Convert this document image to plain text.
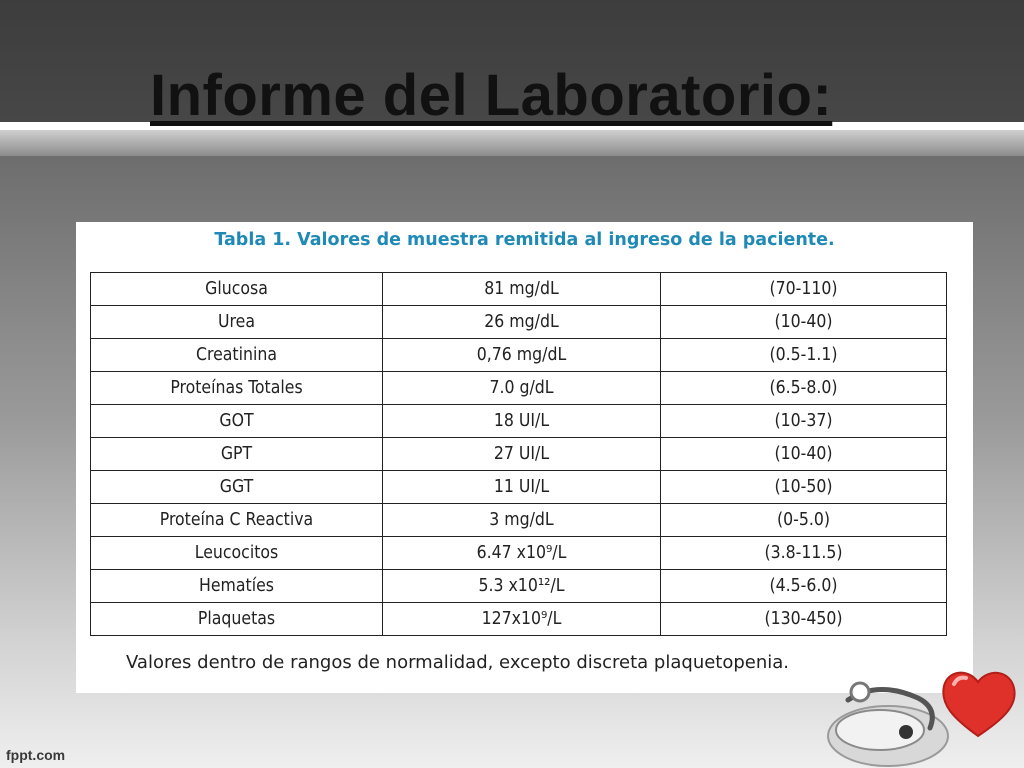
Informe del Laboratorio:
Tabla 1. Valores de muestra remitida al ingreso de la paciente.
Glucosa	81 mg/dL	(70-110)
Urea	26 mg/dL	(10-40)
Creatinina	0,76 mg/dL	(0.5-1.1)
Proteínas Totales	7.0 g/dL	(6.5-8.0)
GOT	18 UI/L	(10-37)
GPT	27 UI/L	(10-40)
GGT	11 UI/L	(10-50)
Proteína C Reactiva	3 mg/dL	(0-5.0)
Leucocitos	6.47 x10⁹/L	(3.8-11.5)
Hematíes	5.3 x10¹²/L	(4.5-6.0)
Plaquetas	127x10⁹/L	(130-450)

Valores dentro de rangos de normalidad, excepto discreta plaquetopenia.

fppt.com
